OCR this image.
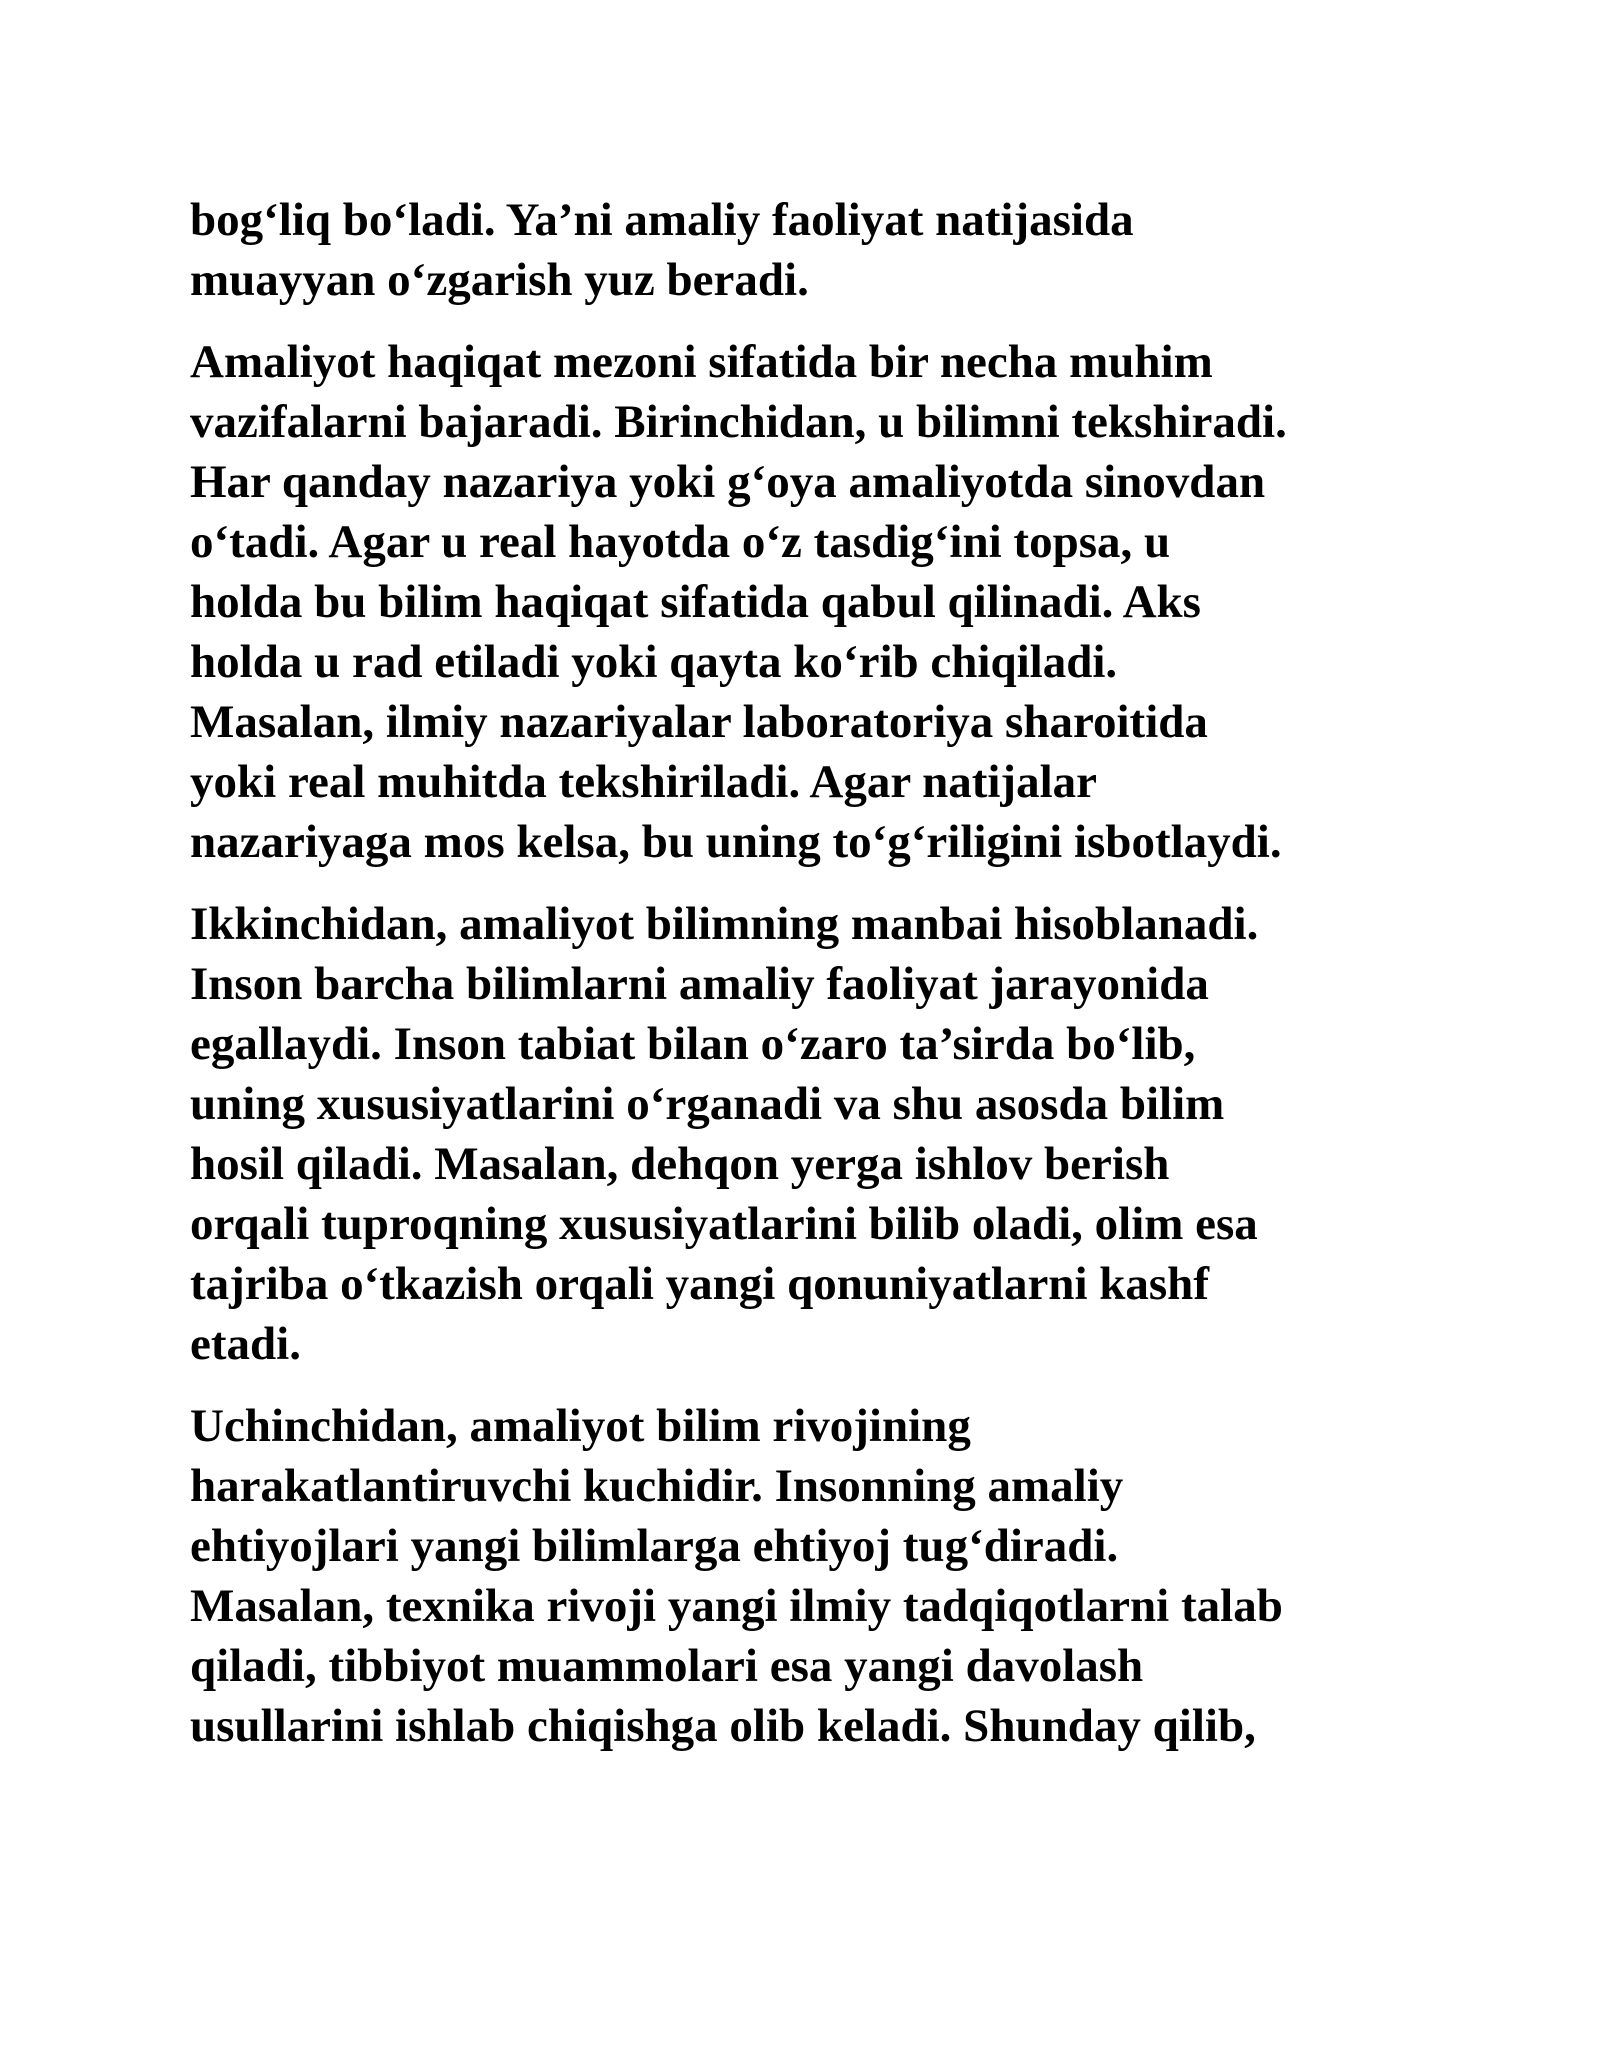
bog‘liq bo‘ladi. Ya’ni amaliy faoliyat natijasida
muayyan o‘zgarish yuz beradi.

Amaliyot haqiqat mezoni sifatida bir necha muhim
vazifalarni bajaradi. Birinchidan, u bilimni tekshiradi.
Har qanday nazariya yoki g‘oya amaliyotda sinovdan
o‘tadi. Agar u real hayotda o‘z tasdig‘ini topsa, u
holda bu bilim haqiqat sifatida qabul qilinadi. Aks
holda u rad etiladi yoki qayta ko‘rib chiqiladi.
Masalan, ilmiy nazariyalar laboratoriya sharoitida
yoki real muhitda tekshiriladi. Agar natijalar
nazariyaga mos kelsa, bu uning to‘g‘riligini isbotlaydi.

Ikkinchidan, amaliyot bilimning manbai hisoblanadi.
Inson barcha bilimlarni amaliy faoliyat jarayonida
egallaydi. Inson tabiat bilan o‘zaro ta’sirda bo‘lib,
uning xususiyatlarini o‘rganadi va shu asosda bilim
hosil qiladi. Masalan, dehqon yerga ishlov berish
orqali tuproqning xususiyatlarini bilib oladi, olim esa
tajriba o‘tkazish orqali yangi qonuniyatlarni kashf
etadi.

Uchinchidan, amaliyot bilim rivojining
harakatlantiruvchi kuchidir. Insonning amaliy
ehtiyojlari yangi bilimlarga ehtiyoj tug‘diradi.
Masalan, texnika rivoji yangi ilmiy tadqiqotlarni talab
qiladi, tibbiyot muammolari esa yangi davolash
usullarini ishlab chiqishga olib keladi. Shunday qilib,
